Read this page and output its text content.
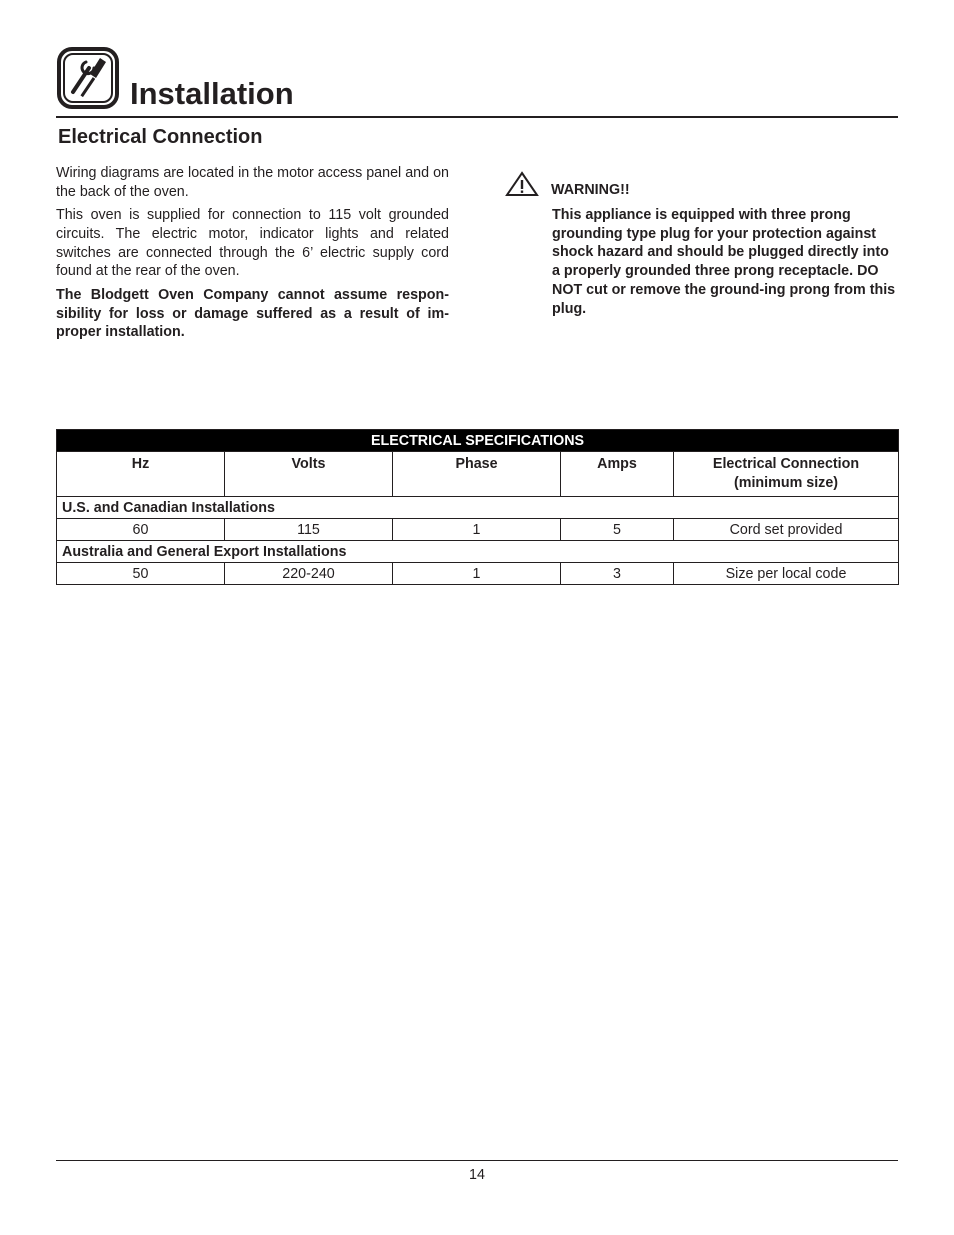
Installation
Electrical Connection

Wiring diagrams are located in the motor access panel and on the back of the oven.

This oven is supplied for connection to 115 volt grounded circuits. The electric motor, indicator lights and related switches are connected through the 6’ electric supply cord found at the rear of the oven.

The Blodgett Oven Company cannot assume respon-sibility for loss or damage suffered as a result of im-proper installation.

WARNING!!
This appliance is equipped with three prong grounding type plug for your protection against shock hazard and should be plugged directly into a properly grounded three prong receptacle. DO NOT cut or remove the ground-ing prong from this plug.
ELECTRICAL SPECIFICATIONS				
Hz	Volts	Phase	Amps	Electrical Connection (minimum size)
U.S. and Canadian Installations				
60	115	1	5	Cord set provided
Australia and General Export Installations				
50	220-240	1	3	Size per local code
14
